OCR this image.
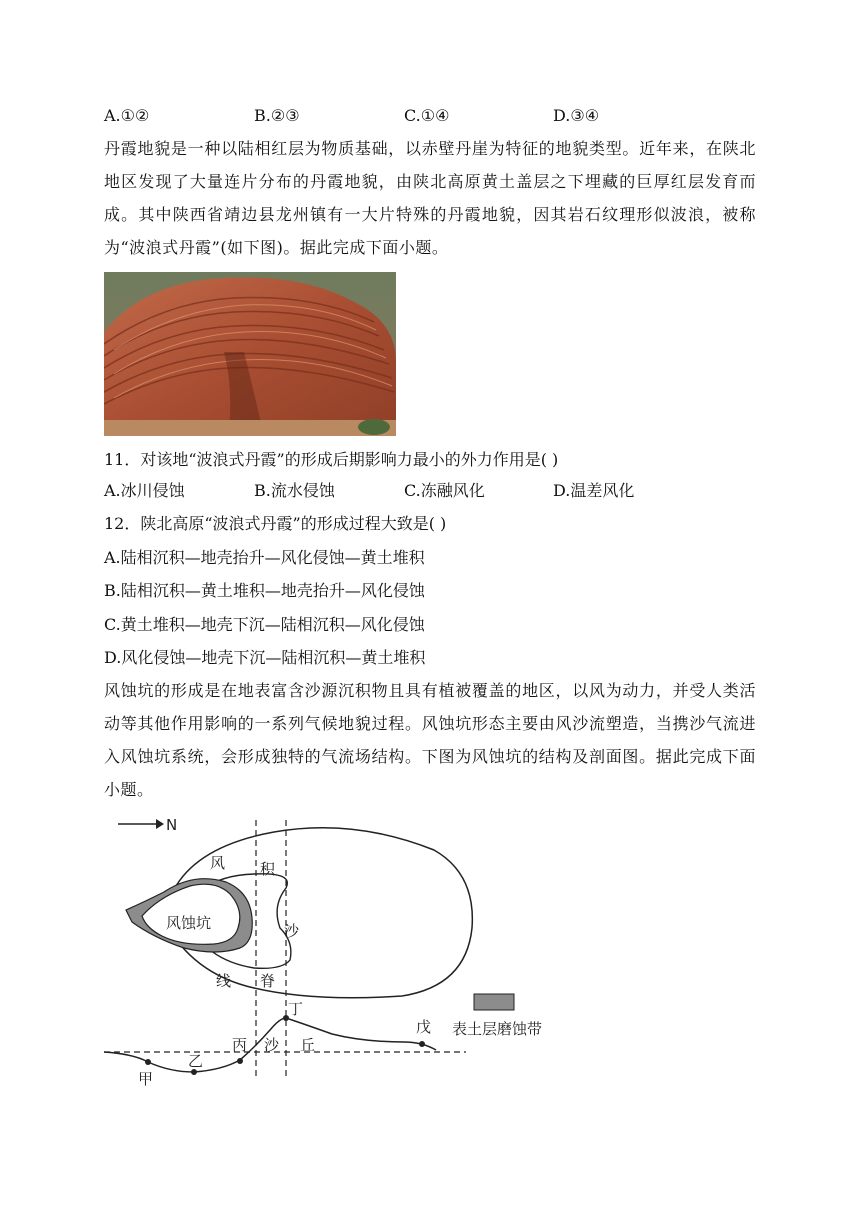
A.①②	B.②③	C.①④	D.③④
丹霞地貌是一种以陆相红层为物质基础，以赤壁丹崖为特征的地貌类型。近年来，在陕北地区发现了大量连片分布的丹霞地貌，由陕北高原黄土盖层之下埋藏的巨厚红层发育而成。其中陕西省靖边县龙州镇有一大片特殊的丹霞地貌，因其岩石纹理形似波浪，被称为“波浪式丹霞”(如下图)。据此完成下面小题。
11．对该地“波浪式丹霞”的形成后期影响力最小的外力作用是( )
A.冰川侵蚀	B.流水侵蚀	C.冻融风化	D.温差风化
12．陕北高原“波浪式丹霞”的形成过程大致是( )
A.陆相沉积—地壳抬升—风化侵蚀—黄土堆积
B.陆相沉积—黄土堆积—地壳抬升—风化侵蚀
C.黄土堆积—地壳下沉—陆相沉积—风化侵蚀
D.风化侵蚀—地壳下沉—陆相沉积—黄土堆积
风蚀坑的形成是在地表富含沙源沉积物且具有植被覆盖的地区，以风为动力，并受人类活动等其他作用影响的一系列气候地貌过程。风蚀坑形态主要由风沙流塑造，当携沙气流进入风蚀坑系统，会形成独特的气流场结构。下图为风蚀坑的结构及剖面图。据此完成下面小题。
N
风蚀坑
风 积
沙
线 脊
表土层磨蚀带
甲
乙
丙
丁
戊
沙 丘
